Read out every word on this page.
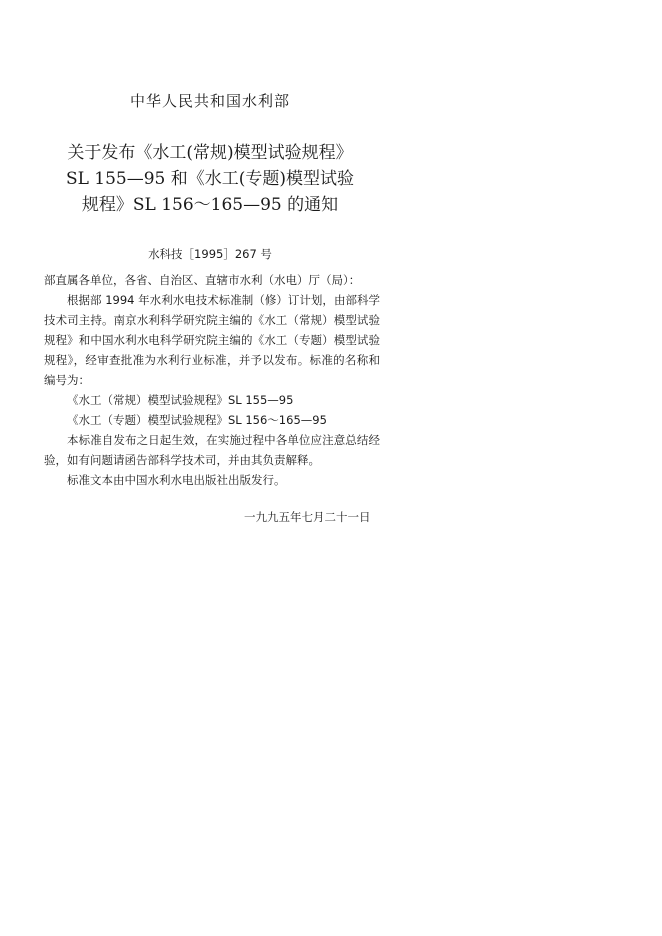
中华人民共和国水利部
关于发布《水工(常规)模型试验规程》
SL 155—95 和《水工(专题)模型试验
规程》SL 156～165—95 的通知
水科技［1995］267 号

部直属各单位，各省、自治区、直辖市水利（水电）厅（局）：

根据部 1994 年水利水电技术标准制（修）订计划，由部科学技术司主持。南京水利科学研究院主编的《水工（常规）模型试验规程》和中国水利水电科学研究院主编的《水工（专题）模型试验规程》，经审查批准为水利行业标准，并予以发布。标准的名称和编号为：

《水工（常规）模型试验规程》SL 155—95

《水工（专题）模型试验规程》SL 156～165—95

本标准自发布之日起生效，在实施过程中各单位应注意总结经验，如有问题请函告部科学技术司，并由其负责解释。

标准文本由中国水利水电出版社出版发行。

一九九五年七月二十一日
